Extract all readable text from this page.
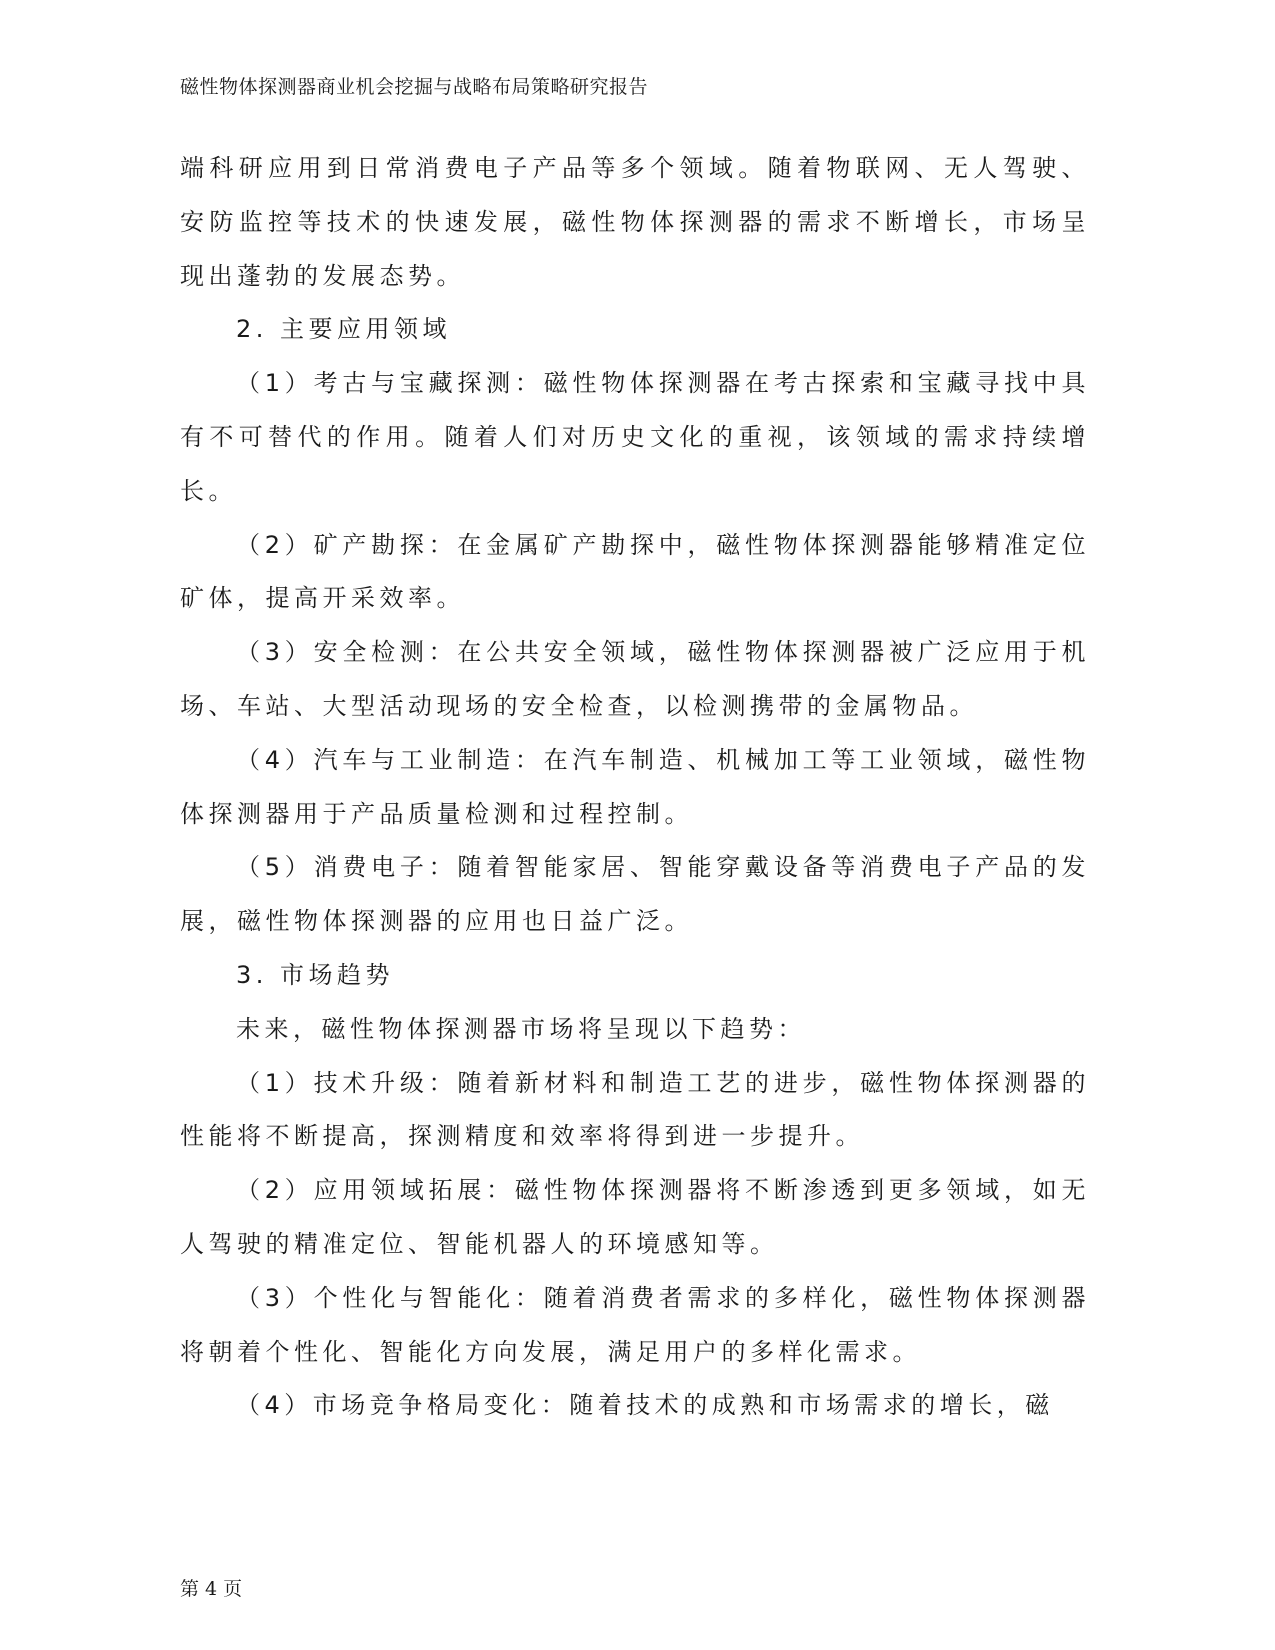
磁性物体探测器商业机会挖掘与战略布局策略研究报告

端科研应用到日常消费电子产品等多个领域。随着物联网、无人驾驶、安防监控等技术的快速发展，磁性物体探测器的需求不断增长，市场呈现出蓬勃的发展态势。

2. 主要应用领域

（1）考古与宝藏探测：磁性物体探测器在考古探索和宝藏寻找中具有不可替代的作用。随着人们对历史文化的重视，该领域的需求持续增长。

（2）矿产勘探：在金属矿产勘探中，磁性物体探测器能够精准定位矿体，提高开采效率。

（3）安全检测：在公共安全领域，磁性物体探测器被广泛应用于机场、车站、大型活动现场的安全检查，以检测携带的金属物品。

（4）汽车与工业制造：在汽车制造、机械加工等工业领域，磁性物体探测器用于产品质量检测和过程控制。

（5）消费电子：随着智能家居、智能穿戴设备等消费电子产品的发展，磁性物体探测器的应用也日益广泛。

3. 市场趋势

未来，磁性物体探测器市场将呈现以下趋势：

（1）技术升级：随着新材料和制造工艺的进步，磁性物体探测器的性能将不断提高，探测精度和效率将得到进一步提升。

（2）应用领域拓展：磁性物体探测器将不断渗透到更多领域，如无人驾驶的精准定位、智能机器人的环境感知等。

（3）个性化与智能化：随着消费者需求的多样化，磁性物体探测器将朝着个性化、智能化方向发展，满足用户的多样化需求。

（4）市场竞争格局变化：随着技术的成熟和市场需求的增长，磁

第 4 页
